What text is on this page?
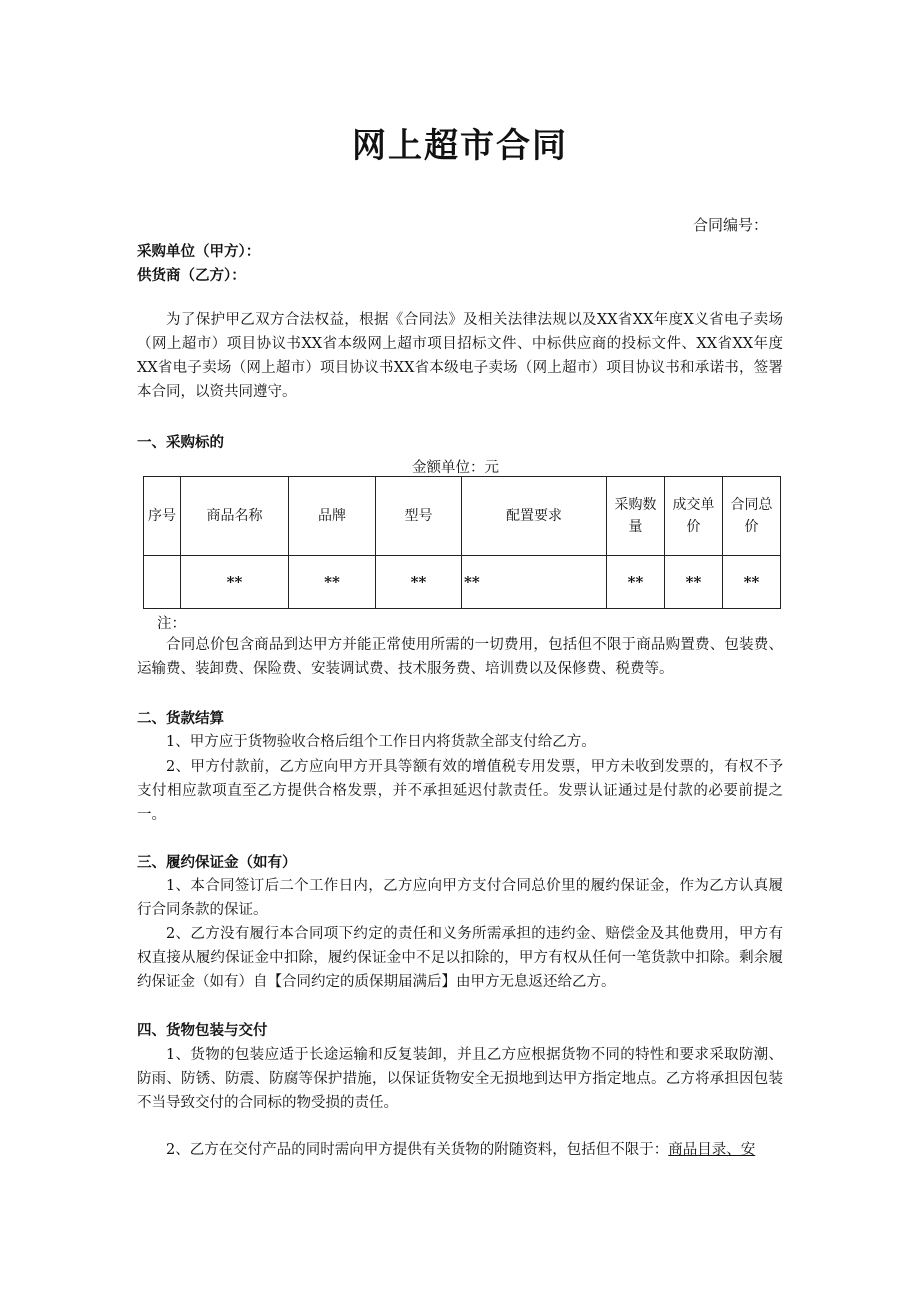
网上超市合同
合同编号：
采购单位（甲方）：
供货商（乙方）：
为了保护甲乙双方合法权益，根据《合同法》及相关法律法规以及XX省XX年度X义省电子卖场（网上超市）项目协议书XX省本级网上超市项目招标文件、中标供应商的投标文件、XX省XX年度XX省电子卖场（网上超市）项目协议书XX省本级电子卖场（网上超市）项目协议书和承诺书，签署本合同，以资共同遵守。
一、采购标的
金额单位：元
序号	商品名称	品牌	型号	配置要求	采购数量	成交单价	合同总价
	**	**	**	**	**	**	**
注：
合同总价包含商品到达甲方并能正常使用所需的一切费用，包括但不限于商品购置费、包装费、运输费、装卸费、保险费、安装调试费、技术服务费、培训费以及保修费、税费等。
二、货款结算
1、甲方应于货物验收合格后组个工作日内将货款全部支付给乙方。
2、甲方付款前，乙方应向甲方开具等额有效的增值税专用发票，甲方未收到发票的，有权不予支付相应款项直至乙方提供合格发票，并不承担延迟付款责任。发票认证通过是付款的必要前提之一。
三、履约保证金（如有）
1、本合同签订后二个工作日内，乙方应向甲方支付合同总价里的履约保证金，作为乙方认真履行合同条款的保证。
2、乙方没有履行本合同项下约定的责任和义务所需承担的违约金、赔偿金及其他费用，甲方有权直接从履约保证金中扣除，履约保证金中不足以扣除的，甲方有权从任何一笔货款中扣除。剩余履约保证金（如有）自【合同约定的质保期届满后】由甲方无息返还给乙方。
四、货物包装与交付
1、货物的包装应适于长途运输和反复装卸，并且乙方应根据货物不同的特性和要求采取防潮、防雨、防锈、防震、防腐等保护措施，以保证货物安全无损地到达甲方指定地点。乙方将承担因包装不当导致交付的合同标的物受损的责任。
2、乙方在交付产品的同时需向甲方提供有关货物的附随资料，包括但不限于：商品目录、安
